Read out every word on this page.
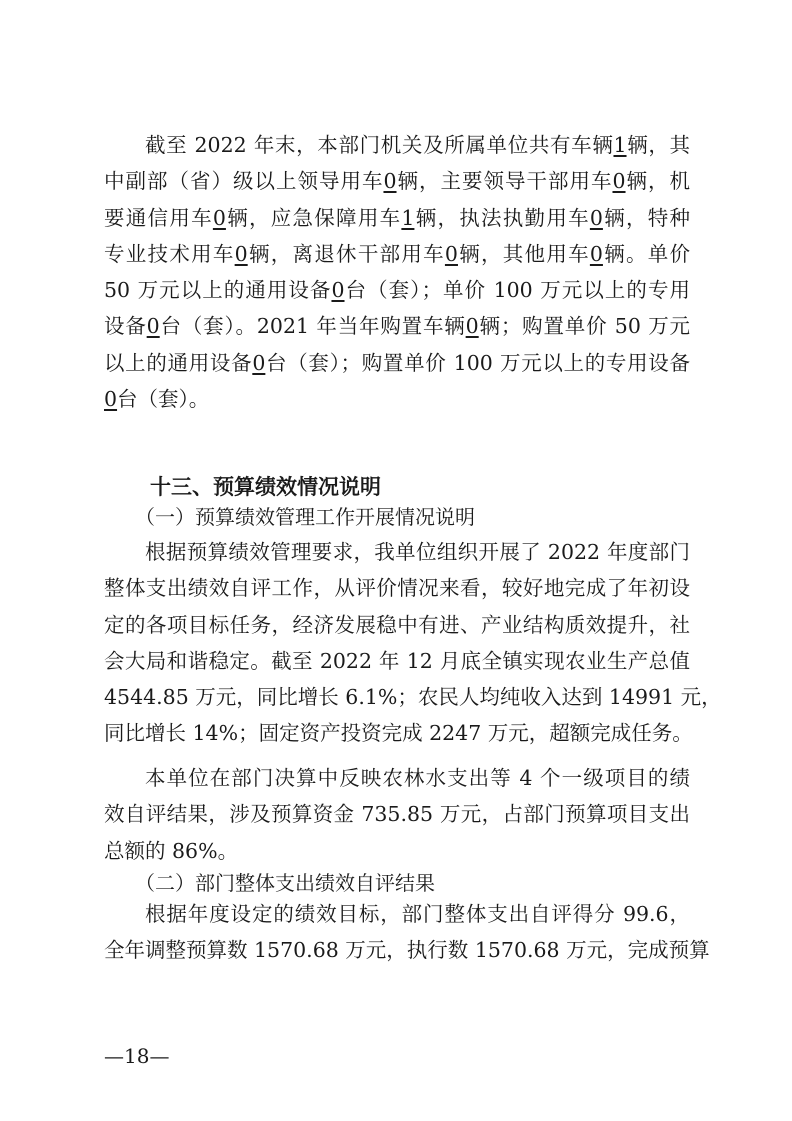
截至 2022 年末，本部门机关及所属单位共有车辆1辆，其
中副部（省）级以上领导用车0辆，主要领导干部用车0辆，机
要通信用车0辆，应急保障用车1辆，执法执勤用车0辆，特种
专业技术用车0辆，离退休干部用车0辆，其他用车0辆。单价
50 万元以上的通用设备0台（套）；单价 100 万元以上的专用
设备0台（套）。2021 年当年购置车辆0辆；购置单价 50 万元
以上的通用设备0台（套）；购置单价 100 万元以上的专用设备
0台（套）。
十三、预算绩效情况说明
（一）预算绩效管理工作开展情况说明
根据预算绩效管理要求，我单位组织开展了 2022 年度部门
整体支出绩效自评工作，从评价情况来看，较好地完成了年初设
定的各项目标任务，经济发展稳中有进、产业结构质效提升，社
会大局和谐稳定。截至 2022 年 12 月底全镇实现农业生产总值
4544.85 万元，同比增长 6.1%；农民人均纯收入达到 14991 元，
同比增长 14%；固定资产投资完成 2247 万元，超额完成任务。
本单位在部门决算中反映农林水支出等 4 个一级项目的绩
效自评结果，涉及预算资金 735.85 万元，占部门预算项目支出
总额的 86%。
（二）部门整体支出绩效自评结果
根据年度设定的绩效目标，部门整体支出自评得分 99.6，
全年调整预算数 1570.68 万元，执行数 1570.68 万元，完成预算
—18—
